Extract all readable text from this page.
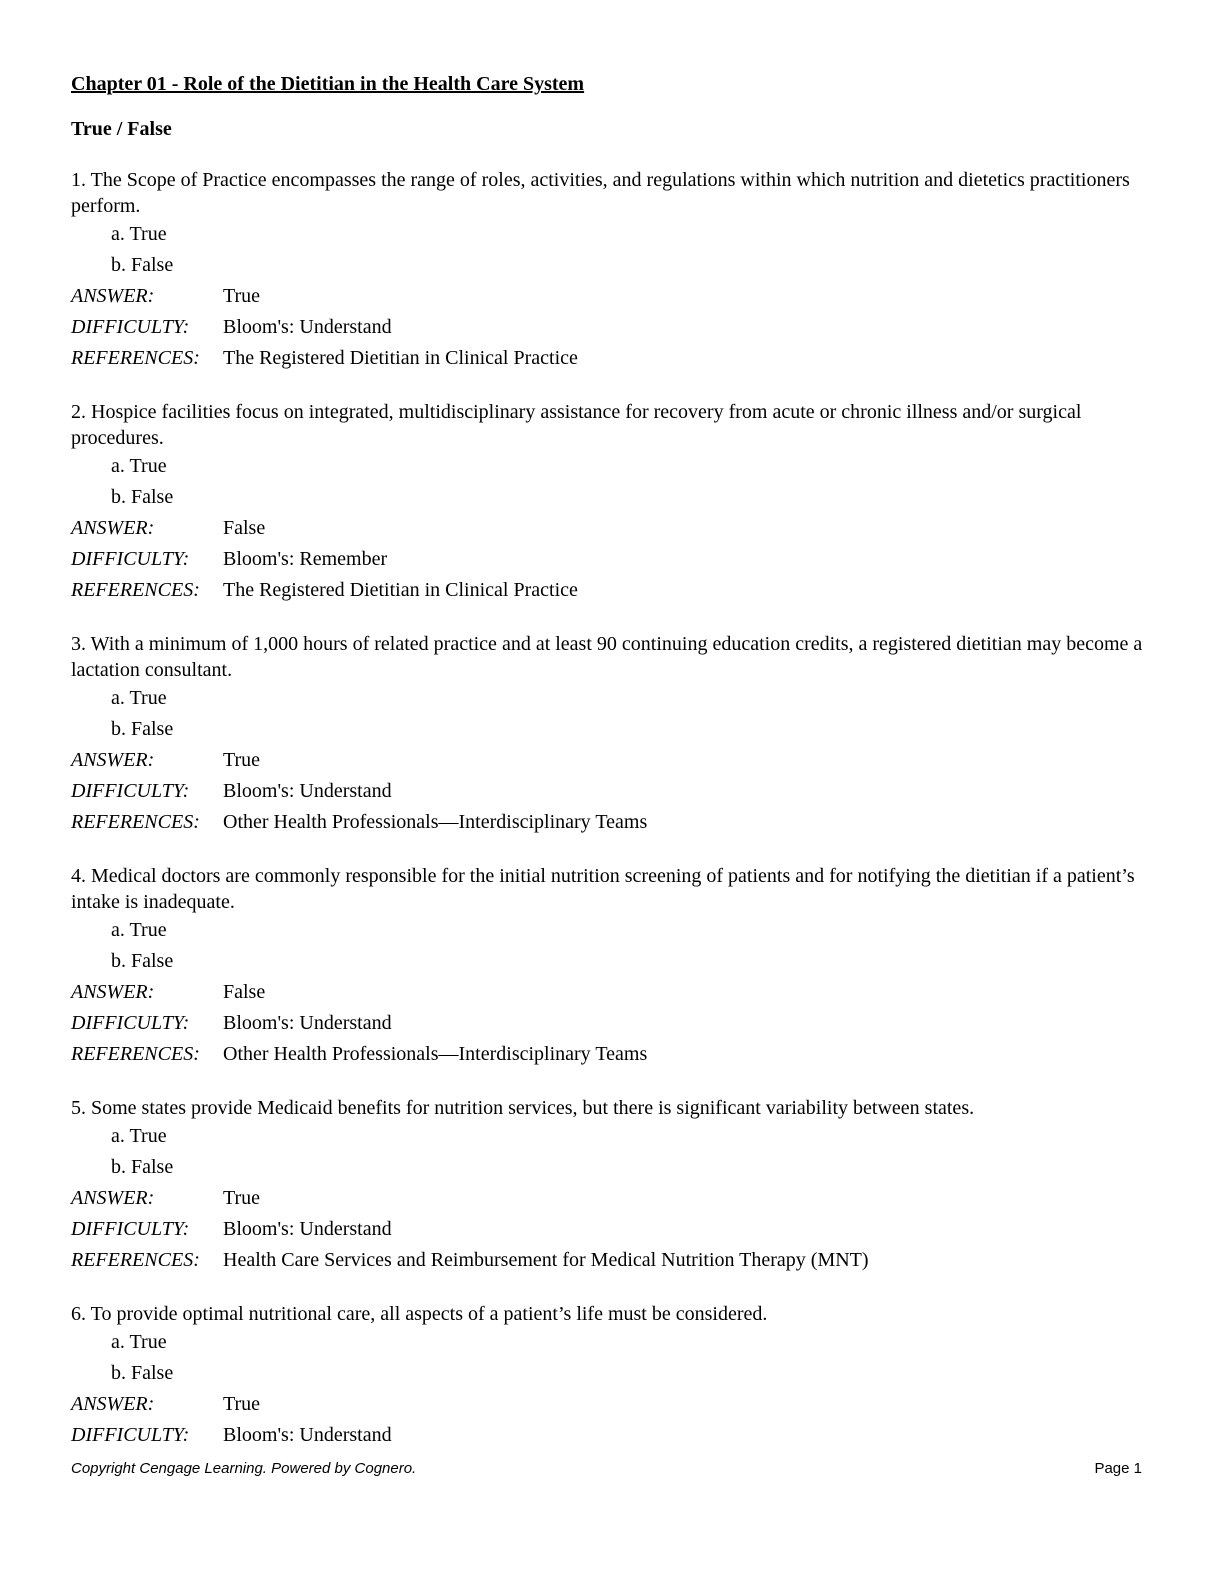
Chapter 01 - Role of the Dietitian in the Health Care System
True / False

1. The Scope of Practice encompasses the range of roles, activities, and regulations within which nutrition and dietetics practitioners perform.

a. True
b. False
ANSWER:	True
DIFFICULTY:	Bloom's: Understand
REFERENCES:	The Registered Dietitian in Clinical Practice

2. Hospice facilities focus on integrated, multidisciplinary assistance for recovery from acute or chronic illness and/or surgical procedures.

a. True
b. False
ANSWER:	False
DIFFICULTY:	Bloom's: Remember
REFERENCES:	The Registered Dietitian in Clinical Practice

3. With a minimum of 1,000 hours of related practice and at least 90 continuing education credits, a registered dietitian may become a lactation consultant.

a. True
b. False
ANSWER:	True
DIFFICULTY:	Bloom's: Understand
REFERENCES:	Other Health Professionals—Interdisciplinary Teams

4. Medical doctors are commonly responsible for the initial nutrition screening of patients and for notifying the dietitian if a patient’s intake is inadequate.

a. True
b. False
ANSWER:	False
DIFFICULTY:	Bloom's: Understand
REFERENCES:	Other Health Professionals—Interdisciplinary Teams

5. Some states provide Medicaid benefits for nutrition services, but there is significant variability between states.

a. True
b. False
ANSWER:	True
DIFFICULTY:	Bloom's: Understand
REFERENCES:	Health Care Services and Reimbursement for Medical Nutrition Therapy (MNT)

6. To provide optimal nutritional care, all aspects of a patient’s life must be considered.

a. True
b. False
ANSWER:	True
DIFFICULTY:	Bloom's: Understand
Copyright Cengage Learning. Powered by Cognero.	Page 1
